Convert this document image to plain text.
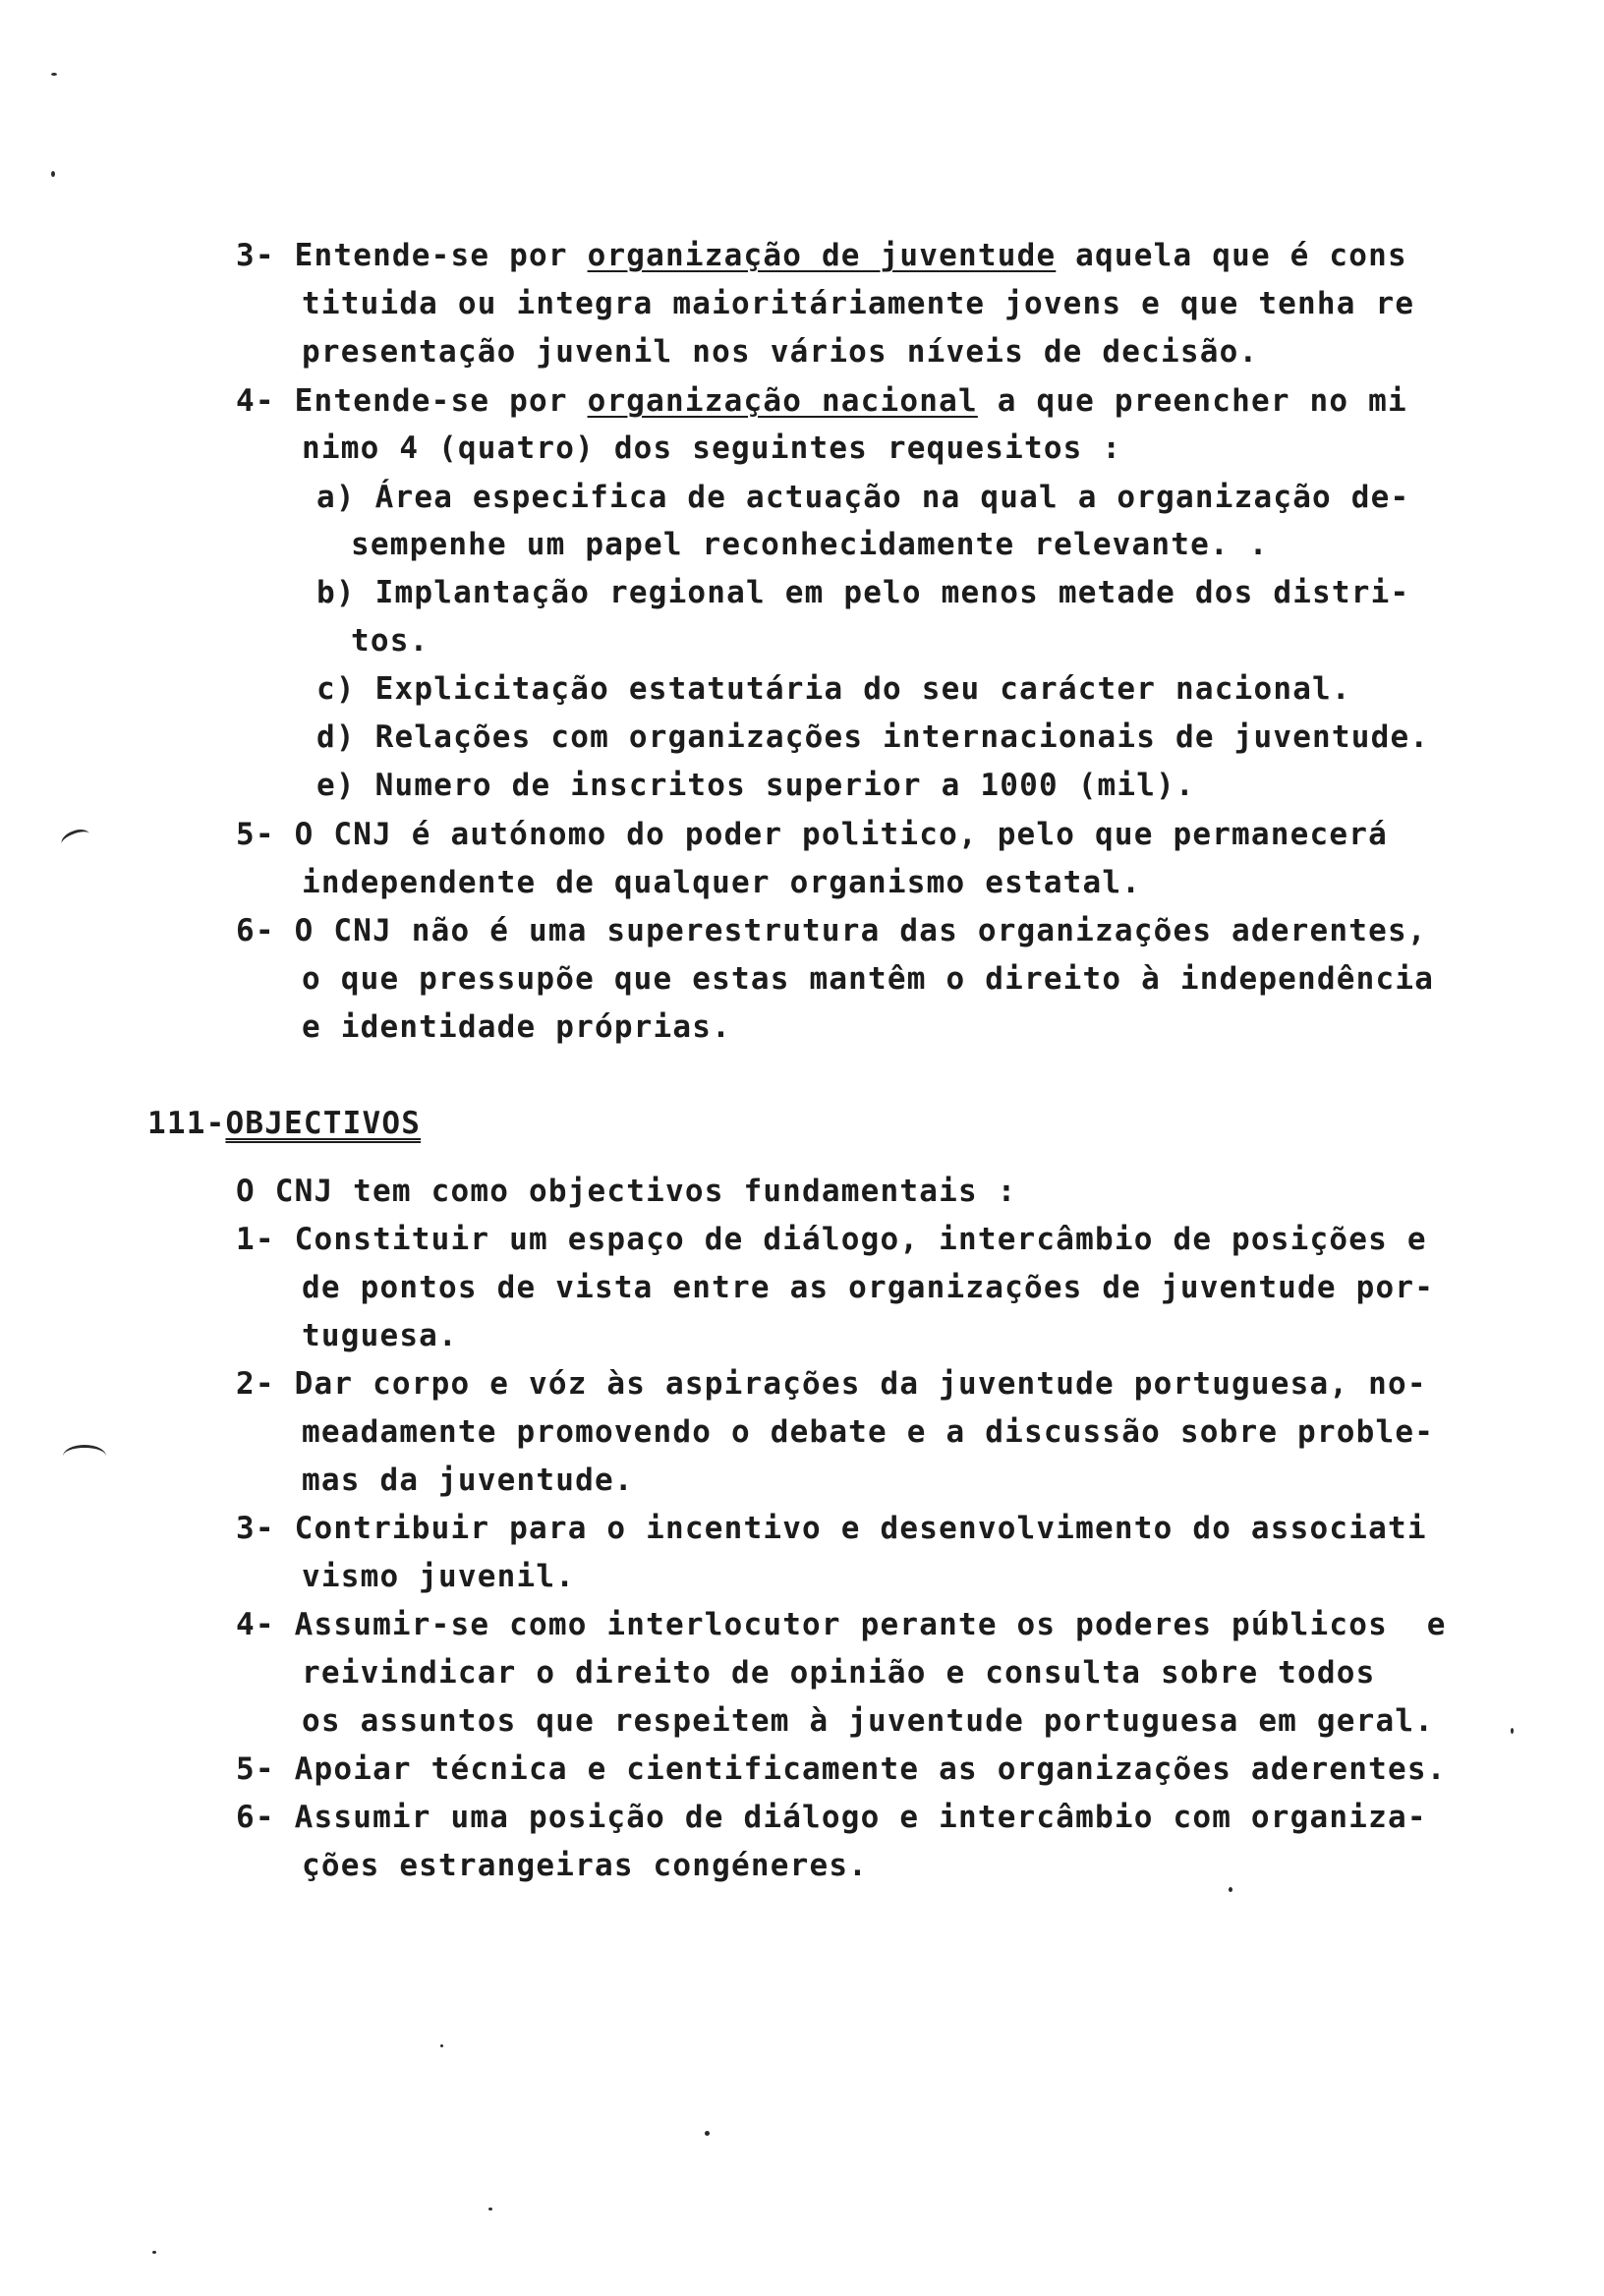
3- Entende-se por organização de juventude aquela que é cons
tituida ou integra maioritáriamente jovens e que tenha re
presentação juvenil nos vários níveis de decisão.
4- Entende-se por organização nacional a que preencher no mi
nimo 4 (quatro) dos seguintes requesitos :
a) Área especifica de actuação na qual a organização de-
sempenhe um papel reconhecidamente relevante. .
b) Implantação regional em pelo menos metade dos distri-
tos.
c) Explicitação estatutária do seu carácter nacional.
d) Relações com organizações internacionais de juventude.
e) Numero de inscritos superior a 1000 (mil).
5- O CNJ é autónomo do poder politico, pelo que permanecerá
independente de qualquer organismo estatal.
6- O CNJ não é uma superestrutura das organizações aderentes,
o que pressupõe que estas mantêm o direito à independência
e identidade próprias.
111-OBJECTIVOS
O CNJ tem como objectivos fundamentais :
1- Constituir um espaço de diálogo, intercâmbio de posições e
de pontos de vista entre as organizações de juventude por-
tuguesa.
2- Dar corpo e vóz às aspirações da juventude portuguesa, no-
meadamente promovendo o debate e a discussão sobre proble-
mas da juventude.
3- Contribuir para o incentivo e desenvolvimento do associati
vismo juvenil.
4- Assumir-se como interlocutor perante os poderes públicos  e
reivindicar o direito de opinião e consulta sobre todos
os assuntos que respeitem à juventude portuguesa em geral.
5- Apoiar técnica e cientificamente as organizações aderentes.
6- Assumir uma posição de diálogo e intercâmbio com organiza-
ções estrangeiras congéneres.
